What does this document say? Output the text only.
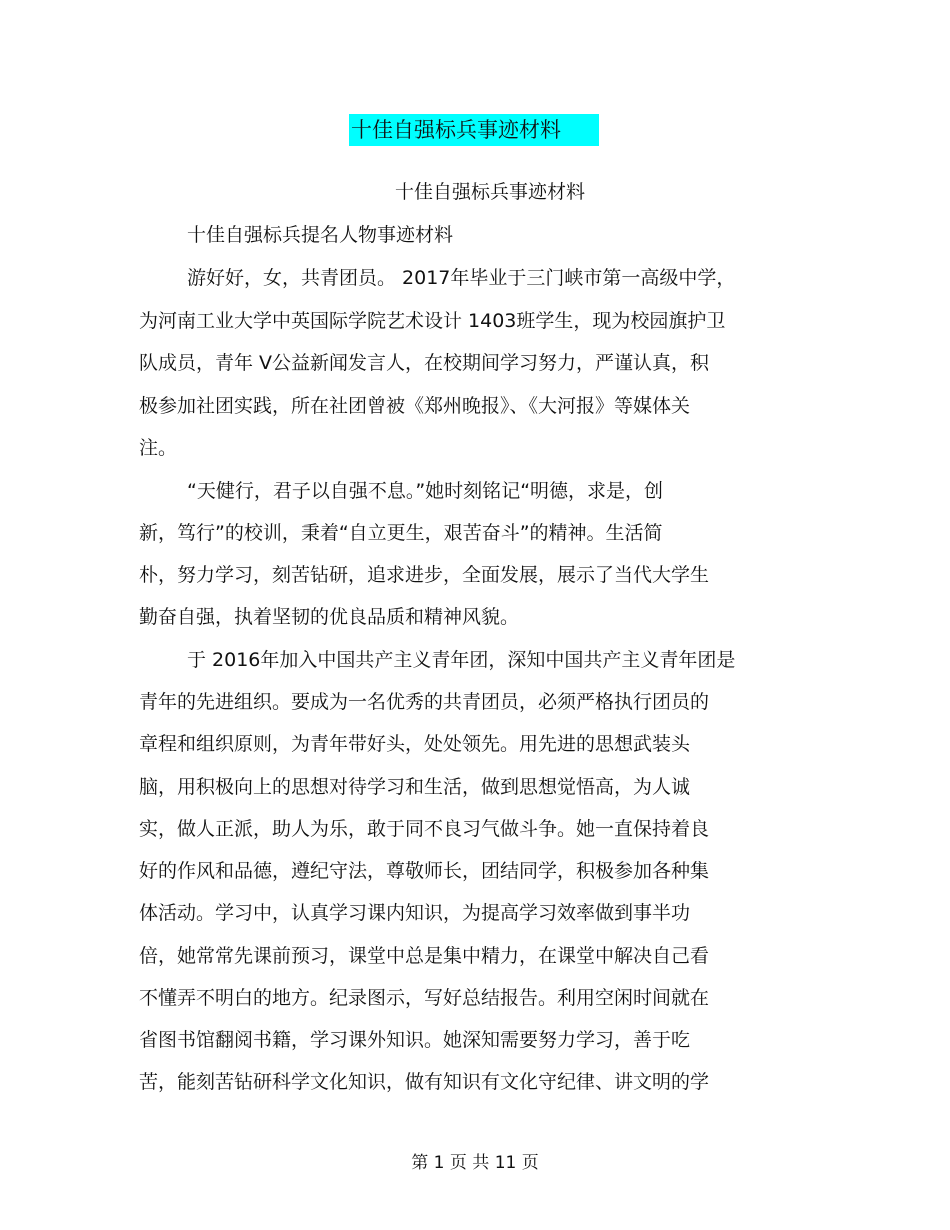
十佳自强标兵事迹材料
十佳自强标兵事迹材料
十佳自强标兵提名人物事迹材料
游好好，女，共青团员。 2017年毕业于三门峡市第一高级中学，
为河南工业大学中英国际学院艺术设计 1403班学生，现为校园旗护卫
队成员，青年 V公益新闻发言人，在校期间学习努力，严谨认真，积
极参加社团实践，所在社团曾被《郑州晚报》、《大河报》等媒体关
注。
“天健行，君子以自强不息。”她时刻铭记“明德，求是，创
新，笃行”的校训，秉着“自立更生，艰苦奋斗”的精神。生活简
朴，努力学习，刻苦钻研，追求进步，全面发展，展示了当代大学生
勤奋自强，执着坚韧的优良品质和精神风貌。
于 2016年加入中国共产主义青年团，深知中国共产主义青年团是
青年的先进组织。要成为一名优秀的共青团员，必须严格执行团员的
章程和组织原则，为青年带好头，处处领先。用先进的思想武装头
脑，用积极向上的思想对待学习和生活，做到思想觉悟高，为人诚
实，做人正派，助人为乐，敢于同不良习气做斗争。她一直保持着良
好的作风和品德，遵纪守法，尊敬师长，团结同学，积极参加各种集
体活动。学习中，认真学习课内知识，为提高学习效率做到事半功
倍，她常常先课前预习，课堂中总是集中精力，在课堂中解决自己看
不懂弄不明白的地方。纪录图示，写好总结报告。利用空闲时间就在
省图书馆翻阅书籍，学习课外知识。她深知需要努力学习，善于吃
苦，能刻苦钻研科学文化知识，做有知识有文化守纪律、讲文明的学
第 1 页 共 11 页
